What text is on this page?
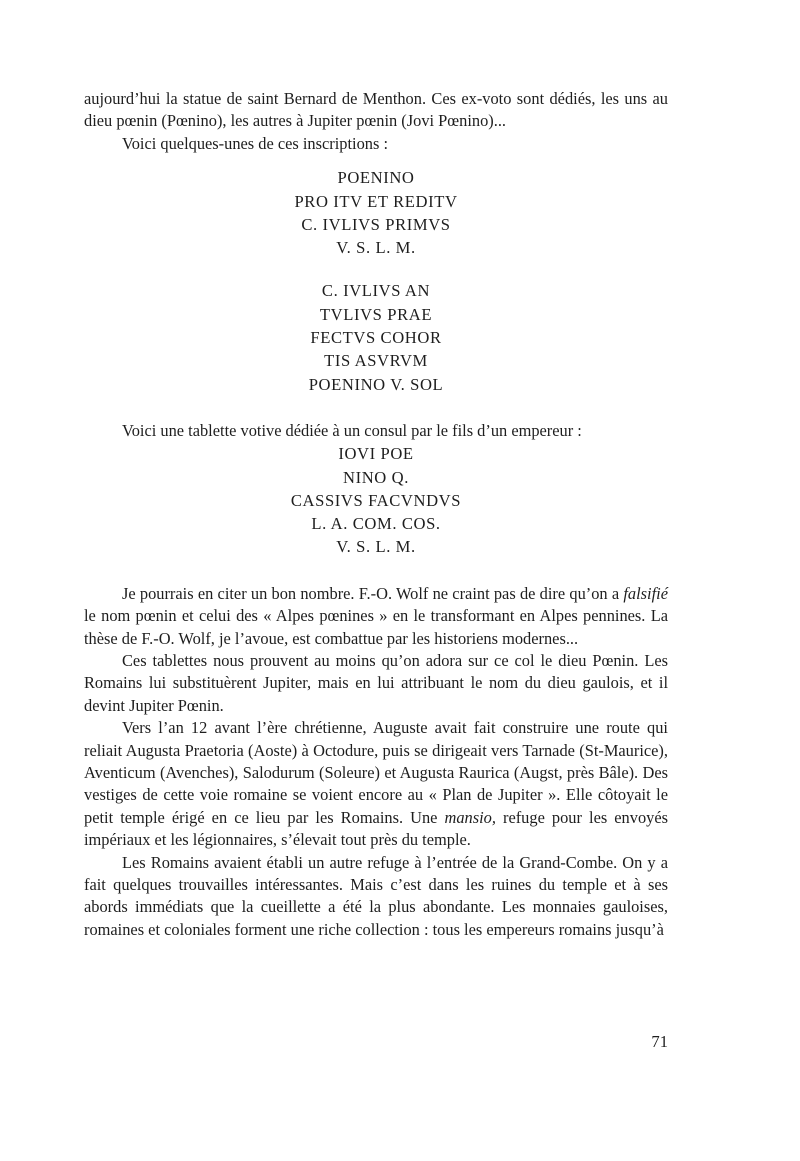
aujourd’hui la statue de saint Bernard de Menthon. Ces ex-voto sont dédiés, les uns au dieu pœnin (Pœnino), les autres à Jupiter pœnin (Jovi Pœnino)...

Voici quelques-unes de ces inscriptions :

POENINO
PRO ITV ET REDITV
C. IVLIVS PRIMVS
V. S. L. M.
C. IVLIVS AN
TVLIVS PRAE
FECTVS COHOR
TIS ASVRVM
POENINO V. SOL

Voici une tablette votive dédiée à un consul par le fils d’un empereur :

IOVI POE
NINO Q.
CASSIVS FACVNDVS
L. A. COM. COS.
V. S. L. M.

Je pourrais en citer un bon nombre. F.-O. Wolf ne craint pas de dire qu’on a falsifié le nom pœnin et celui des « Alpes pœnines » en le transformant en Alpes pennines. La thèse de F.-O. Wolf, je l’avoue, est combattue par les historiens modernes...

Ces tablettes nous prouvent au moins qu’on adora sur ce col le dieu Pœnin. Les Romains lui substituèrent Jupiter, mais en lui attribuant le nom du dieu gaulois, et il devint Jupiter Pœnin.

Vers l’an 12 avant l’ère chrétienne, Auguste avait fait construire une route qui reliait Augusta Praetoria (Aoste) à Octodure, puis se dirigeait vers Tarnade (St-Maurice), Aventicum (Avenches), Salodurum (Soleure) et Augusta Raurica (Augst, près Bâle). Des vestiges de cette voie romaine se voient encore au « Plan de Jupiter ». Elle côtoyait le petit temple érigé en ce lieu par les Romains. Une mansio, refuge pour les envoyés impériaux et les légionnaires, s’élevait tout près du temple.

Les Romains avaient établi un autre refuge à l’entrée de la Grand-Combe. On y a fait quelques trouvailles intéressantes. Mais c’est dans les ruines du temple et à ses abords immédiats que la cueillette a été la plus abondante. Les monnaies gauloises, romaines et coloniales forment une riche collection : tous les empereurs romains jusqu’à

71
